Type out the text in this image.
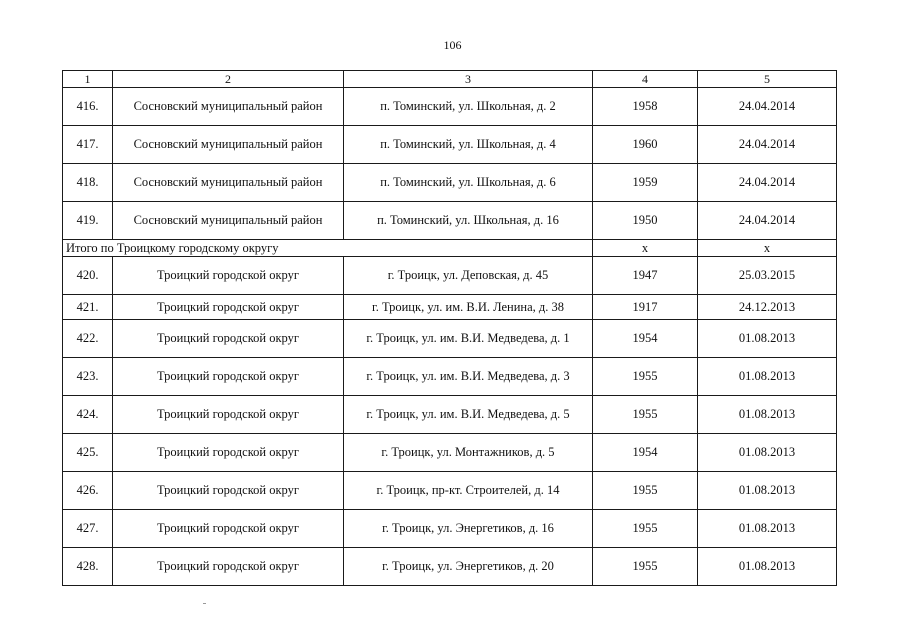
106
1	2	3	4	5
416.	Сосновский муниципальный район	п. Томинский, ул. Школьная, д. 2	1958	24.04.2014
417.	Сосновский муниципальный район	п. Томинский, ул. Школьная, д. 4	1960	24.04.2014
418.	Сосновский муниципальный район	п. Томинский, ул. Школьная, д. 6	1959	24.04.2014
419.	Сосновский муниципальный район	п. Томинский, ул. Школьная, д. 16	1950	24.04.2014
Итого по Троицкому городскому округу			х	х
420.	Троицкий городской округ	г. Троицк, ул. Деповская, д. 45	1947	25.03.2015
421.	Троицкий городской округ	г. Троицк, ул. им. В.И. Ленина, д. 38	1917	24.12.2013
422.	Троицкий городской округ	г. Троицк, ул. им. В.И. Медведева, д. 1	1954	01.08.2013
423.	Троицкий городской округ	г. Троицк, ул. им. В.И. Медведева, д. 3	1955	01.08.2013
424.	Троицкий городской округ	г. Троицк, ул. им. В.И. Медведева, д. 5	1955	01.08.2013
425.	Троицкий городской округ	г. Троицк, ул. Монтажников, д. 5	1954	01.08.2013
426.	Троицкий городской округ	г. Троицк, пр-кт. Строителей, д. 14	1955	01.08.2013
427.	Троицкий городской округ	г. Троицк, ул. Энергетиков, д. 16	1955	01.08.2013
428.	Троицкий городской округ	г. Троицк, ул. Энергетиков, д. 20	1955	01.08.2013
